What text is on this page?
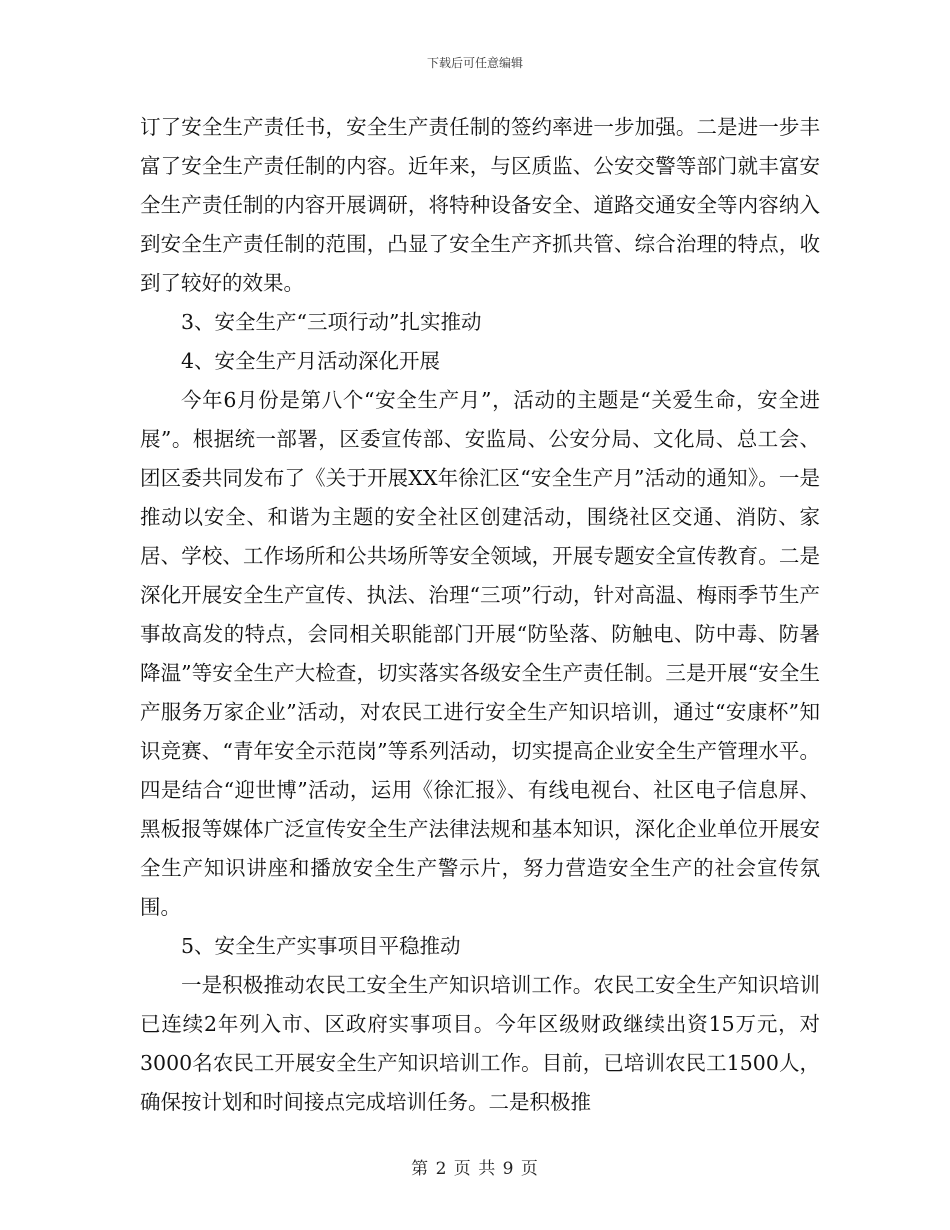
下载后可任意编辑

订了安全生产责任书，安全生产责任制的签约率进一步加强。二是进一步丰富了安全生产责任制的内容。近年来，与区质监、公安交警等部门就丰富安全生产责任制的内容开展调研，将特种设备安全、道路交通安全等内容纳入到安全生产责任制的范围，凸显了安全生产齐抓共管、综合治理的特点，收到了较好的效果。

3、安全生产“三项行动”扎实推动

4、安全生产月活动深化开展

今年6月份是第八个“安全生产月”，活动的主题是“关爱生命，安全进展”。根据统一部署，区委宣传部、安监局、公安分局、文化局、总工会、团区委共同发布了《关于开展XX年徐汇区“安全生产月”活动的通知》。一是推动以安全、和谐为主题的安全社区创建活动，围绕社区交通、消防、家居、学校、工作场所和公共场所等安全领域，开展专题安全宣传教育。二是深化开展安全生产宣传、执法、治理“三项”行动，针对高温、梅雨季节生产事故高发的特点，会同相关职能部门开展“防坠落、防触电、防中毒、防暑降温”等安全生产大检查，切实落实各级安全生产责任制。三是开展“安全生产服务万家企业”活动，对农民工进行安全生产知识培训，通过“安康杯”知识竞赛、“青年安全示范岗”等系列活动，切实提高企业安全生产管理水平。四是结合“迎世博”活动，运用《徐汇报》、有线电视台、社区电子信息屏、黑板报等媒体广泛宣传安全生产法律法规和基本知识，深化企业单位开展安全生产知识讲座和播放安全生产警示片，努力营造安全生产的社会宣传氛围。

5、安全生产实事项目平稳推动

一是积极推动农民工安全生产知识培训工作。农民工安全生产知识培训已连续2年列入市、区政府实事项目。今年区级财政继续出资15万元，对 3000名农民工开展安全生产知识培训工作。目前，已培训农民工1500人，确保按计划和时间接点完成培训任务。二是积极推

第 2 页 共 9 页
